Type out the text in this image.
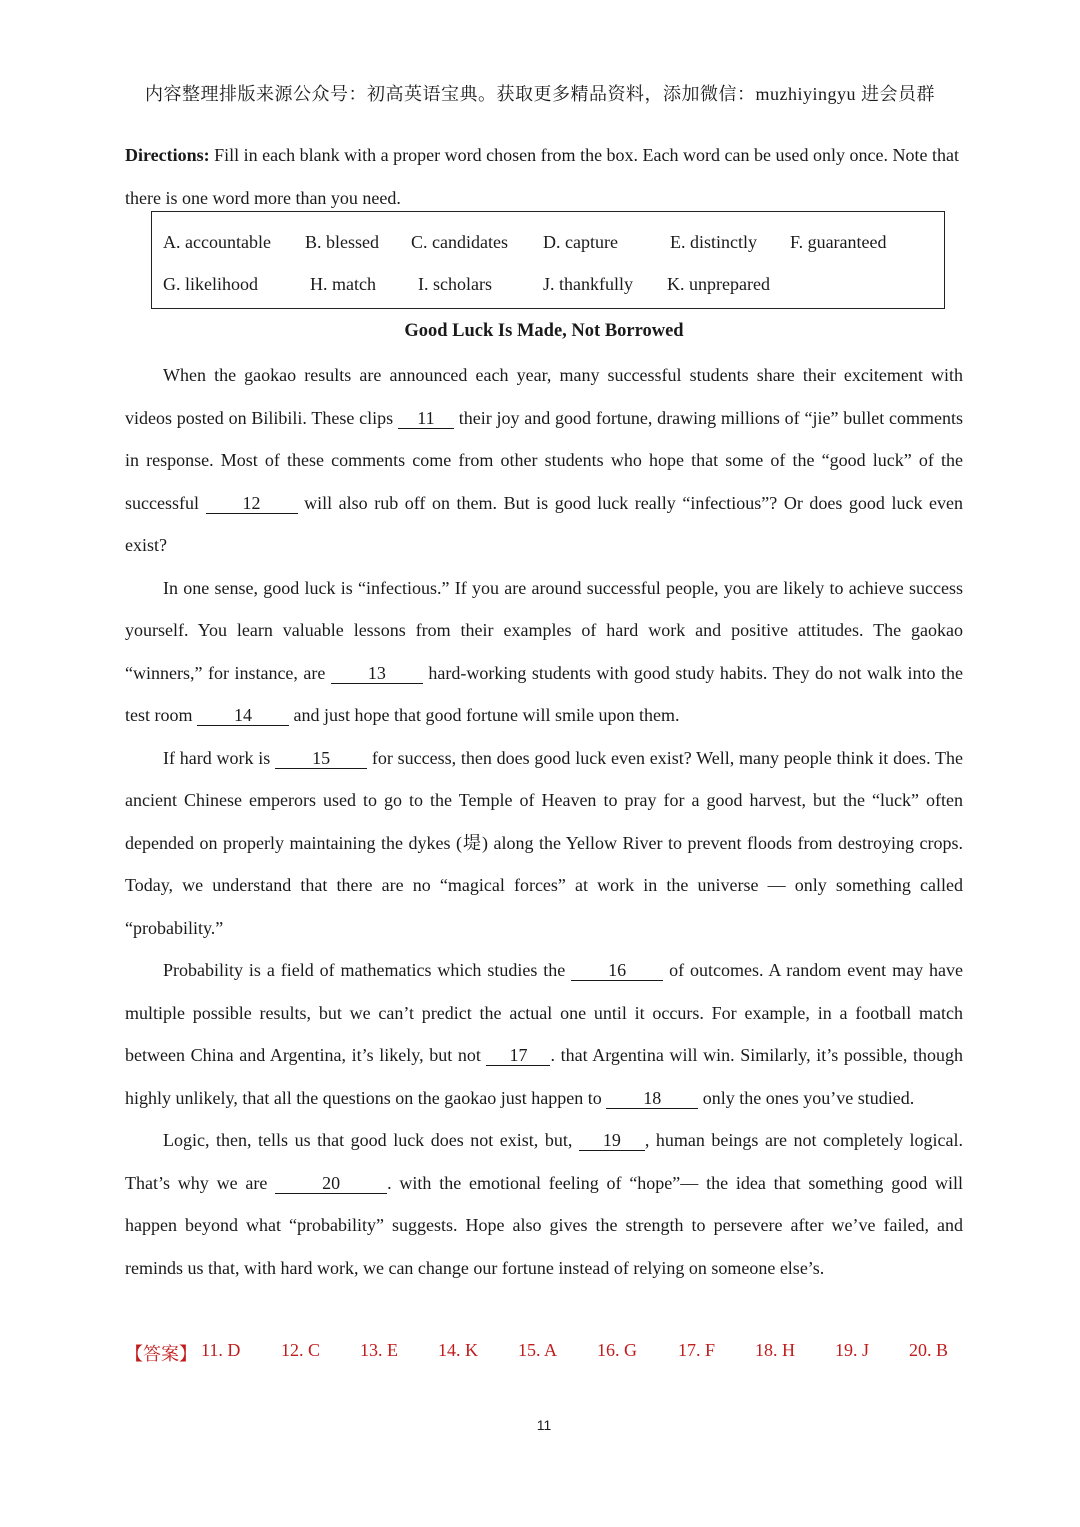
内容整理排版来源公众号：初高英语宝典。获取更多精品资料，添加微信：muzhiyingyu 进会员群
Directions: Fill in each blank with a proper word chosen from the box. Each word can be used only once. Note that there is one word more than you need.
A. accountable B. blessed C. candidates D. capture	E. distinctly F. guaranteed
G. likelihood	H. match I. scholars	J. thankfully K. unprepared
Good Luck Is Made, Not Borrowed

When the gaokao results are announced each year, many successful students share their excitement with videos posted on Bilibili. These clips 11 their joy and good fortune, drawing millions of “jie” bullet comments in response. Most of these comments come from other students who hope that some of the “good luck” of the successful 12 will also rub off on them. But is good luck really “infectious”? Or does good luck even exist?

In one sense, good luck is “infectious.” If you are around successful people, you are likely to achieve success yourself. You learn valuable lessons from their examples of hard work and positive attitudes. The gaokao “winners,” for instance, are 13 hard-working students with good study habits. They do not walk into the test room 14 and just hope that good fortune will smile upon them.

If hard work is 15 for success, then does good luck even exist? Well, many people think it does. The ancient Chinese emperors used to go to the Temple of Heaven to pray for a good harvest, but the “luck” often depended on properly maintaining the dykes (堤) along the Yellow River to prevent floods from destroying crops. Today, we understand that there are no “magical forces” at work in the universe — only something called “probability.”

Probability is a field of mathematics which studies the 16 of outcomes. A random event may have multiple possible results, but we can’t predict the actual one until it occurs. For example, in a football match between China and Argentina, it’s likely, but not 17 . that Argentina will win. Similarly, it’s possible, though highly unlikely, that all the questions on the gaokao just happen to 18 only the ones you’ve studied.

Logic, then, tells us that good luck does not exist, but, 19 , human beings are not completely logical. That’s why we are	20	. with the emotional feeling of “hope”— the idea that something good will happen beyond what “probability” suggests. Hope also gives the strength to persevere after we’ve failed, and reminds us that, with hard work, we can change our fortune instead of relying on someone else’s.

【答案】 11. D 12. C 13. E 14. K 15. A 16. G 17. F 18. H 19. J 20. B
11
